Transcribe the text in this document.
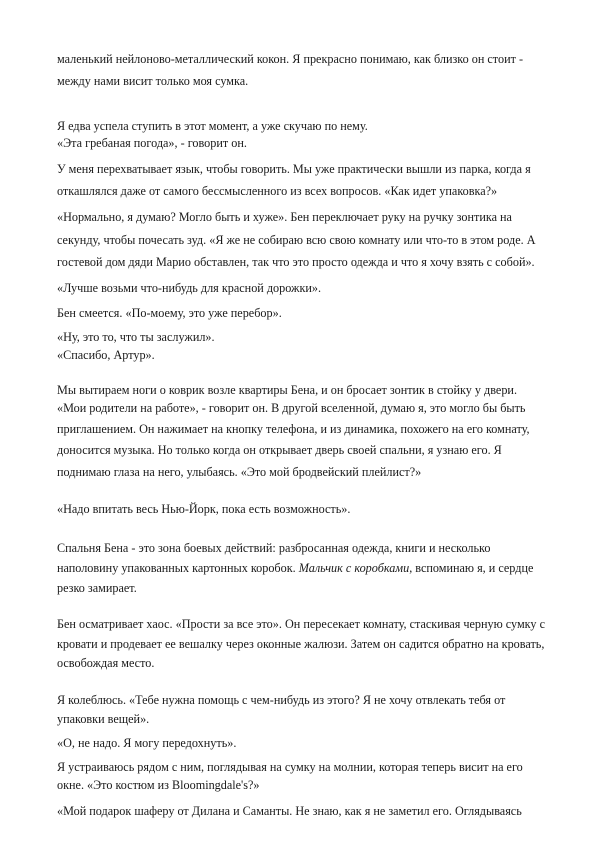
маленький нейлоново-металлический кокон. Я прекрасно понимаю, как близко он стоит -
между нами висит только моя сумка.
Я едва успела ступить в этот момент, а уже скучаю по нему.
«Эта гребаная погода», - говорит он.
У меня перехватывает язык, чтобы говорить. Мы уже практически вышли из парка, когда я
откашлялся даже от самого бессмысленного из всех вопросов. «Как идет упаковка?»
«Нормально, я думаю? Могло быть и хуже». Бен переключает руку на ручку зонтика на
секунду, чтобы почесать зуд. «Я же не собираю всю свою комнату или что-то в этом роде. А
гостевой дом дяди Марио обставлен, так что это просто одежда и что я хочу взять с собой».
«Лучше возьми что-нибудь для красной дорожки».
Бен смеется. «По-моему, это уже перебор».
«Ну, это то, что ты заслужил».
«Спасибо, Артур».
Мы вытираем ноги о коврик возле квартиры Бена, и он бросает зонтик в стойку у двери.
«Мои родители на работе», - говорит он. В другой вселенной, думаю я, это могло бы быть
приглашением. Он нажимает на кнопку телефона, и из динамика, похожего на его комнату,
доносится музыка. Но только когда он открывает дверь своей спальни, я узнаю его. Я
поднимаю глаза на него, улыбаясь. «Это мой бродвейский плейлист?»
«Надо впитать весь Нью-Йорк, пока есть возможность».
Спальня Бена - это зона боевых действий: разбросанная одежда, книги и несколько
наполовину упакованных картонных коробок. Мальчик с коробками, вспоминаю я, и сердце
резко замирает.
Бен осматривает хаос. «Прости за все это». Он пересекает комнату, стаскивая черную сумку с
кровати и продевает ее вешалку через оконные жалюзи. Затем он садится обратно на кровать,
освобождая место.
Я колеблюсь. «Тебе нужна помощь с чем-нибудь из этого? Я не хочу отвлекать тебя от
упаковки вещей».
«О, не надо. Я могу передохнуть».
Я устраиваюсь рядом с ним, поглядывая на сумку на молнии, которая теперь висит на его
окне. «Это костюм из Bloomingdale's?»
«Мой подарок шаферу от Дилана и Саманты. Не знаю, как я не заметил его. Оглядываясь
